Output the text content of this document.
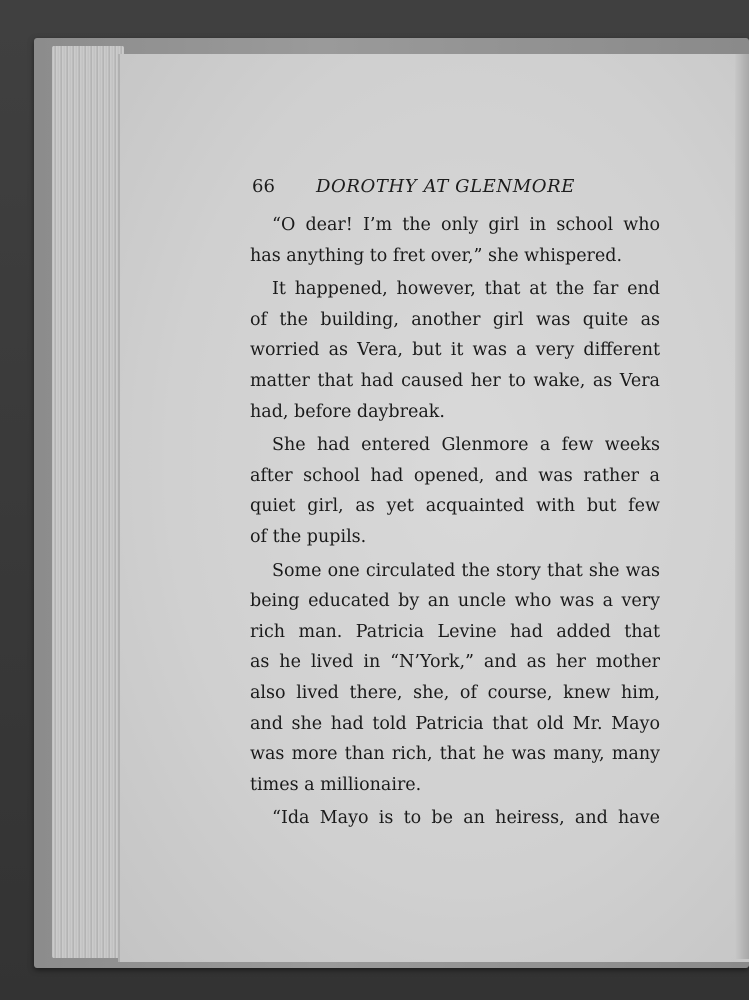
66 DOROTHY AT GLENMORE
“O dear! I’m the only girl in school who
has anything to fret over,” she whispered.
It happened, however, that at the far end
of the building, another girl was quite as
worried as Vera, but it was a very different
matter that had caused her to wake, as Vera
had, before daybreak.
She had entered Glenmore a few weeks
after school had opened, and was rather a
quiet girl, as yet acquainted with but few
of the pupils.
Some one circulated the story that she was
being educated by an uncle who was a very
rich man. Patricia Levine had added that
as he lived in “N’York,” and as her mother
also lived there, she, of course, knew him,
and she had told Patricia that old Mr. Mayo
was more than rich, that he was many, many
times a millionaire.
“Ida Mayo is to be an heiress, and have
